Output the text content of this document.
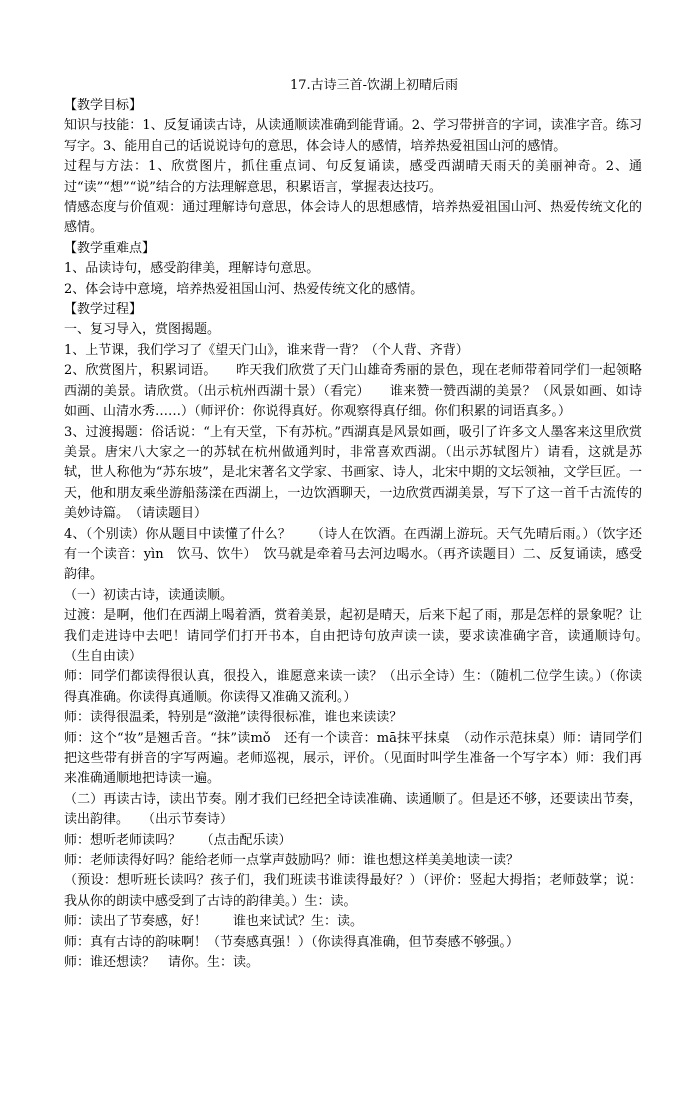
17.古诗三首-饮湖上初晴后雨

【教学目标】

知识与技能：1、反复诵读古诗，从读通顺读准确到能背诵。2、学习带拼音的字词，读准字音。练习写字。3、能用自己的话说说诗句的意思，体会诗人的感情，培养热爱祖国山河的感情。

过程与方法：1、欣赏图片，抓住重点词、句反复诵读，感受西湖晴天雨天的美丽神奇。2、通过“读”“想”“说”结合的方法理解意思，积累语言，掌握表达技巧。

情感态度与价值观：通过理解诗句意思，体会诗人的思想感情，培养热爱祖国山河、热爱传统文化的感情。

【教学重难点】

1、品读诗句，感受韵律美，理解诗句意思。

2、体会诗中意境，培养热爱祖国山河、热爱传统文化的感情。

【教学过程】

一、复习导入，赏图揭题。

1、上节课，我们学习了《望天门山》，谁来背一背？（个人背、齐背）

2、欣赏图片，积累词语。　　昨天我们欣赏了天门山雄奇秀丽的景色，现在老师带着同学们一起领略西湖的美景。请欣赏。（出示杭州西湖十景）（看完）　　谁来赞一赞西湖的美景？（风景如画、如诗如画、山清水秀……）（师评价：你说得真好。你观察得真仔细。你们积累的词语真多。）

3、过渡揭题：俗话说：“上有天堂，下有苏杭。”西湖真是风景如画，吸引了许多文人墨客来这里欣赏美景。唐宋八大家之一的苏轼在杭州做通判时，非常喜欢西湖。（出示苏轼图片）请看，这就是苏轼，世人称他为“苏东坡”，是北宋著名文学家、书画家、诗人，北宋中期的文坛领袖，文学巨匠。一天，他和朋友乘坐游船荡漾在西湖上，一边饮酒聊天，一边欣赏西湖美景，写下了这一首千古流传的美妙诗篇。　（请读题目）

4、（个别读）你从题目中读懂了什么？　　（诗人在饮酒。在西湖上游玩。天气先晴后雨。）（饮字还有一个读音：yìn　饮马、饮牛）　饮马就是牵着马去河边喝水。（再齐读题目）二、反复诵读，感受韵律。

（一）初读古诗，读通读顺。

过渡：是啊，他们在西湖上喝着酒，赏着美景，起初是晴天，后来下起了雨，那是怎样的景象呢？让我们走进诗中去吧！请同学们打开书本，自由把诗句放声读一读，要求读准确字音，读通顺诗句。　（生自由读）

师：同学们都读得很认真，很投入，谁愿意来读一读？（出示全诗）生：（随机二位学生读。）（你读得真准确。你读得真通顺。你读得又准确又流利。）

师：读得很温柔，特别是“潋滟”读得很标准，谁也来读读？

师：这个“妆”是翘舌音。“抹”读mǒ　还有一个读音：mā抹平抹桌　（动作示范抹桌）师：请同学们把这些带有拼音的字写两遍。老师巡视，展示，评价。（见面时叫学生准备一个写字本）师：我们再来准确通顺地把诗读一遍。

（二）再读古诗，读出节奏。刚才我们已经把全诗读准确、读通顺了。但是还不够，还要读出节奏，读出韵律。　　（出示节奏诗）

师：想听老师读吗？　　（点击配乐读）

师：老师读得好吗？能给老师一点掌声鼓励吗？师：谁也想这样美美地读一读？

（预设：想听班长读吗？孩子们，我们班读书谁读得最好？）（评价：竖起大拇指；老师鼓掌；说：我从你的朗读中感受到了古诗的韵律美。）生：读。

师：读出了节奏感，好！　　谁也来试试？生：读。

师：真有古诗的韵味啊！（节奏感真强！）（你读得真准确，但节奏感不够强。）

师：谁还想读？　请你。生：读。
